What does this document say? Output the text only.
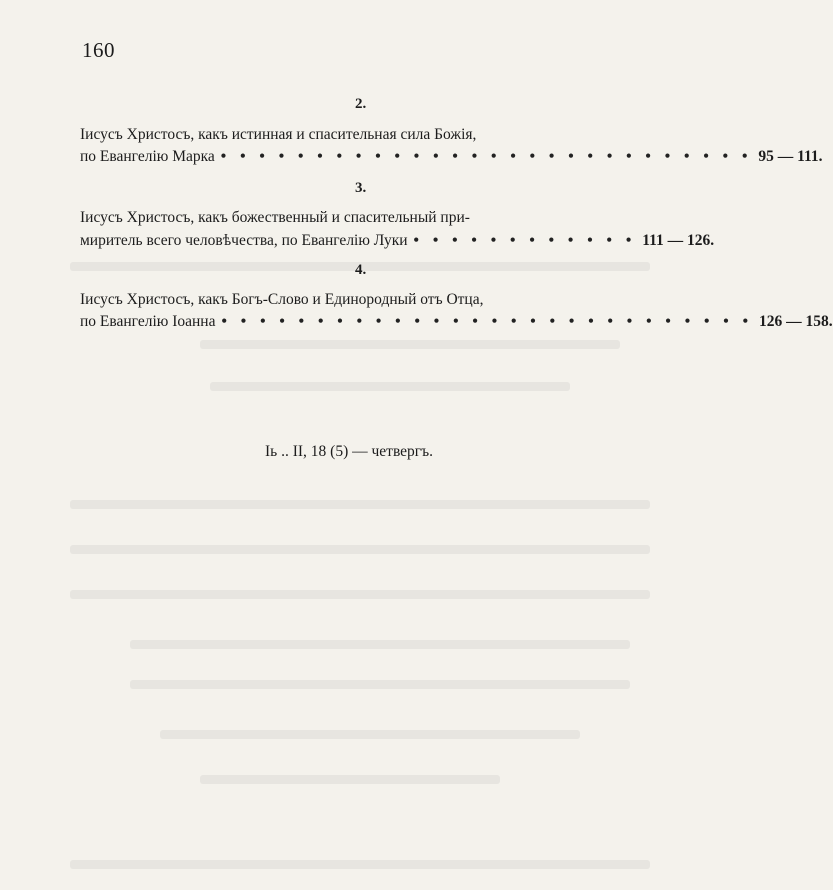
160
2.
Іисусъ Христосъ, какъ истинная и спасительная сила Божія,
по Евангелію Марка • • • • • • • • • • • • • • • • • • • • • • • • • • • • 95 — 111.
3.
Іисусъ Христосъ, какъ божественный и спасительный при-
миритель всего человѣчества, по Евангелію Луки • • • • • • • • • • • • 111 — 126.
4.
Іисусъ Христосъ, какъ Богъ-Слово и Единородный отъ Отца,
по Евангелію Іоанна • • • • • • • • • • • • • • • • • • • • • • • • • • • • 126 — 158.
Іь .. II, 18 (5) — четвергъ.
